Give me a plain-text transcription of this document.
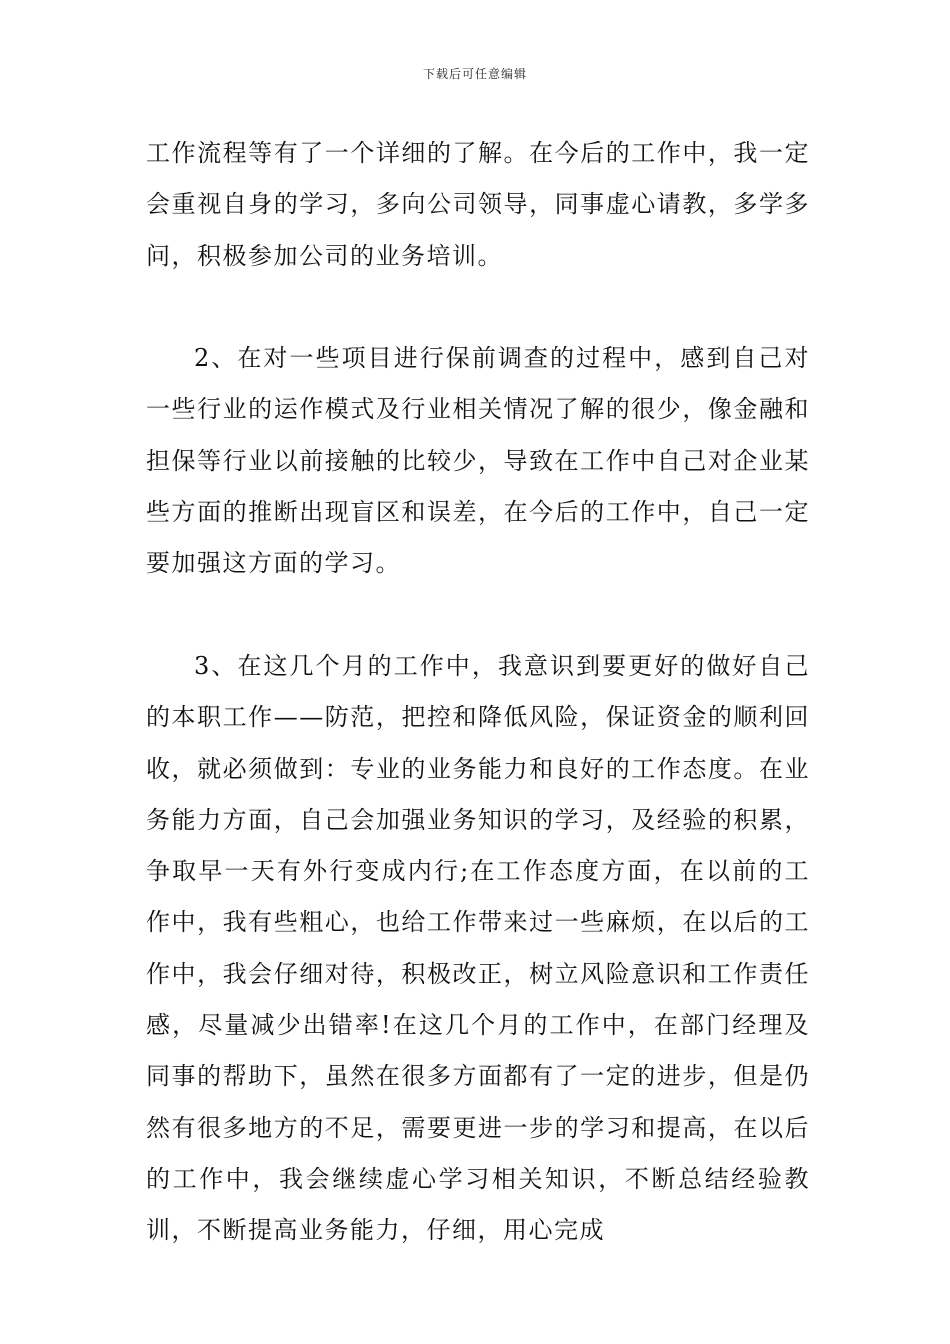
下载后可任意编辑

工作流程等有了一个详细的了解。在今后的工作中，我一定会重视自身的学习，多向公司领导，同事虚心请教，多学多问，积极参加公司的业务培训。

2、在对一些项目进行保前调查的过程中，感到自己对一些行业的运作模式及行业相关情况了解的很少，像金融和担保等行业以前接触的比较少，导致在工作中自己对企业某些方面的推断出现盲区和误差，在今后的工作中，自己一定要加强这方面的学习。

3、在这几个月的工作中，我意识到要更好的做好自己的本职工作——防范，把控和降低风险，保证资金的顺利回收，就必须做到：专业的业务能力和良好的工作态度。在业务能力方面，自己会加强业务知识的学习，及经验的积累，争取早一天有外行变成内行;在工作态度方面，在以前的工作中，我有些粗心，也给工作带来过一些麻烦，在以后的工作中，我会仔细对待，积极改正，树立风险意识和工作责任感，尽量减少出错率!在这几个月的工作中，在部门经理及同事的帮助下，虽然在很多方面都有了一定的进步，但是仍然有很多地方的不足，需要更进一步的学习和提高，在以后的工作中，我会继续虚心学习相关知识，不断总结经验教训，不断提高业务能力，仔细，用心完成
